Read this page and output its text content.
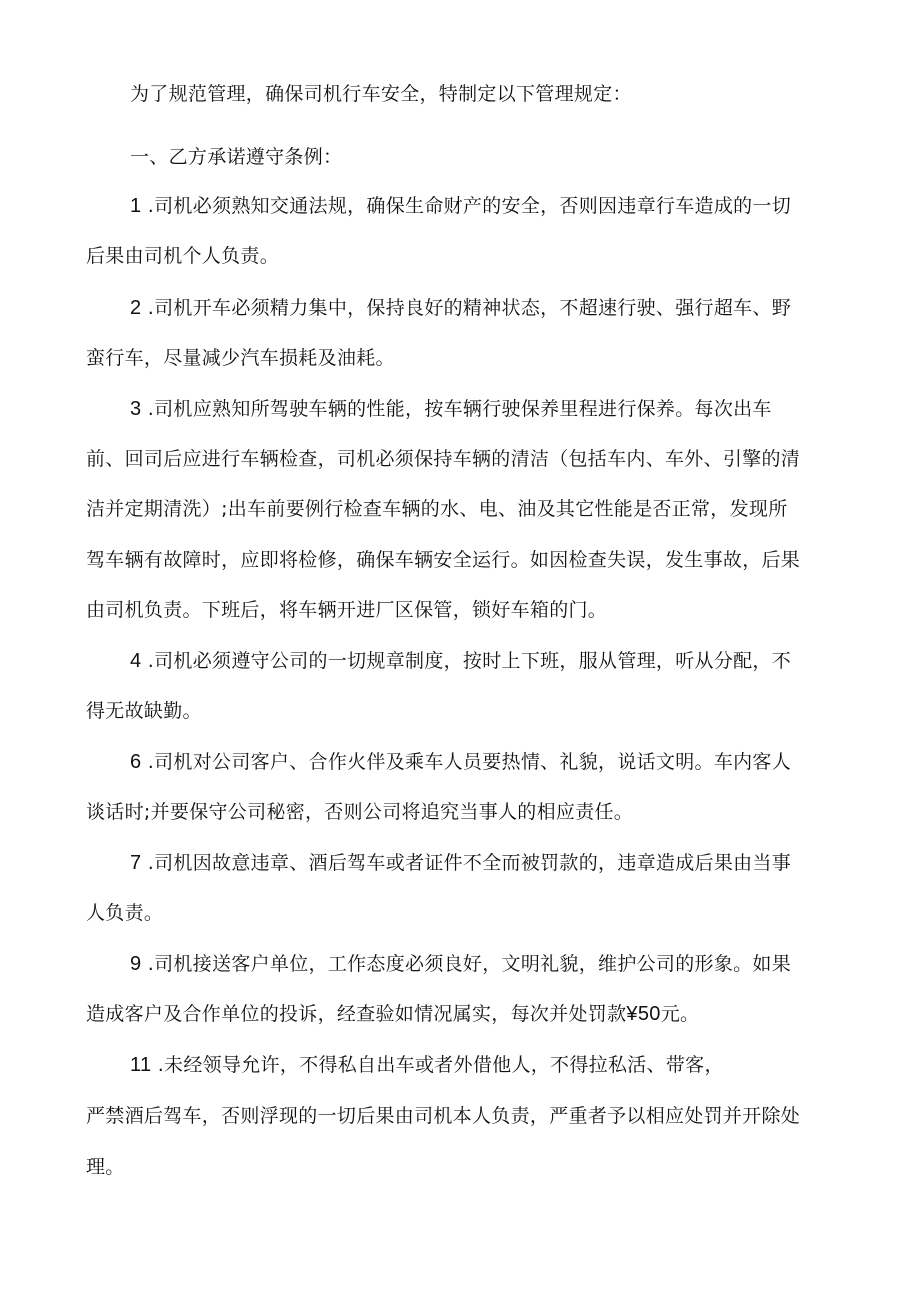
为了规范管理，确保司机行车安全，特制定以下管理规定：
一、乙方承诺遵守条例：
1 .司机必须熟知交通法规，确保生命财产的安全，否则因违章行车造成的一切
后果由司机个人负责。
2 .司机开车必须精力集中，保持良好的精神状态，不超速行驶、强行超车、野
蛮行车，尽量减少汽车损耗及油耗。
3 .司机应熟知所驾驶车辆的性能，按车辆行驶保养里程进行保养。每次出车
前、回司后应进行车辆检查，司机必须保持车辆的清洁（包括车内、车外、引擎的清
洁并定期清洗）;出车前要例行检查车辆的水、电、油及其它性能是否正常，发现所
驾车辆有故障时，应即将检修，确保车辆安全运行。如因检查失误，发生事故，后果
由司机负责。下班后，将车辆开进厂区保管，锁好车箱的门。
4 .司机必须遵守公司的一切规章制度，按时上下班，服从管理，听从分配，不
得无故缺勤。
6 .司机对公司客户、合作火伴及乘车人员要热情、礼貌，说话文明。车内客人
谈话时;并要保守公司秘密，否则公司将追究当事人的相应责任。
7 .司机因故意违章、酒后驾车或者证件不全而被罚款的，违章造成后果由当事
人负责。
9 .司机接送客户单位，工作态度必须良好，文明礼貌，维护公司的形象。如果
造成客户及合作单位的投诉，经查验如情况属实，每次并处罚款¥50元。
11 .未经领导允许，不得私自出车或者外借他人，不得拉私活、带客，
严禁酒后驾车，否则浮现的一切后果由司机本人负责，严重者予以相应处罚并开除处
理。
